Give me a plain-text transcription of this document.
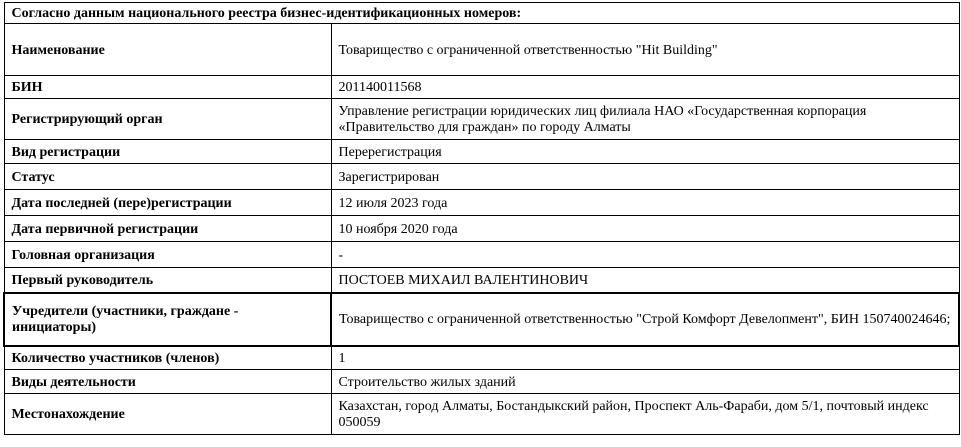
Согласно данным национального реестра бизнес-идентификационных номеров:	
Наименование	Товарищество с ограниченной ответственностью "Hit Building"
БИН	201140011568
Регистрирующий орган	Управление регистрации юридических лиц филиала НАО «Государственная корпорация «Правительство для граждан» по городу Алматы
Вид регистрации	Перерегистрация
Статус	Зарегистрирован
Дата последней (пере)регистрации	12 июля 2023 года
Дата первичной регистрации	10 ноября 2020 года
Головная организация	-
Первый руководитель	ПОСТОЕВ МИХАИЛ ВАЛЕНТИНОВИЧ
Учредители (участники, граждане - инициаторы)	Товарищество с ограниченной ответственностью "Строй Комфорт Девелопмент", БИН 150740024646;
Количество участников (членов)	1
Виды деятельности	Строительство жилых зданий
Местонахождение	Казахстан, город Алматы, Бостандыкский район, Проспект Аль-Фараби, дом 5/1, почтовый индекс 050059
